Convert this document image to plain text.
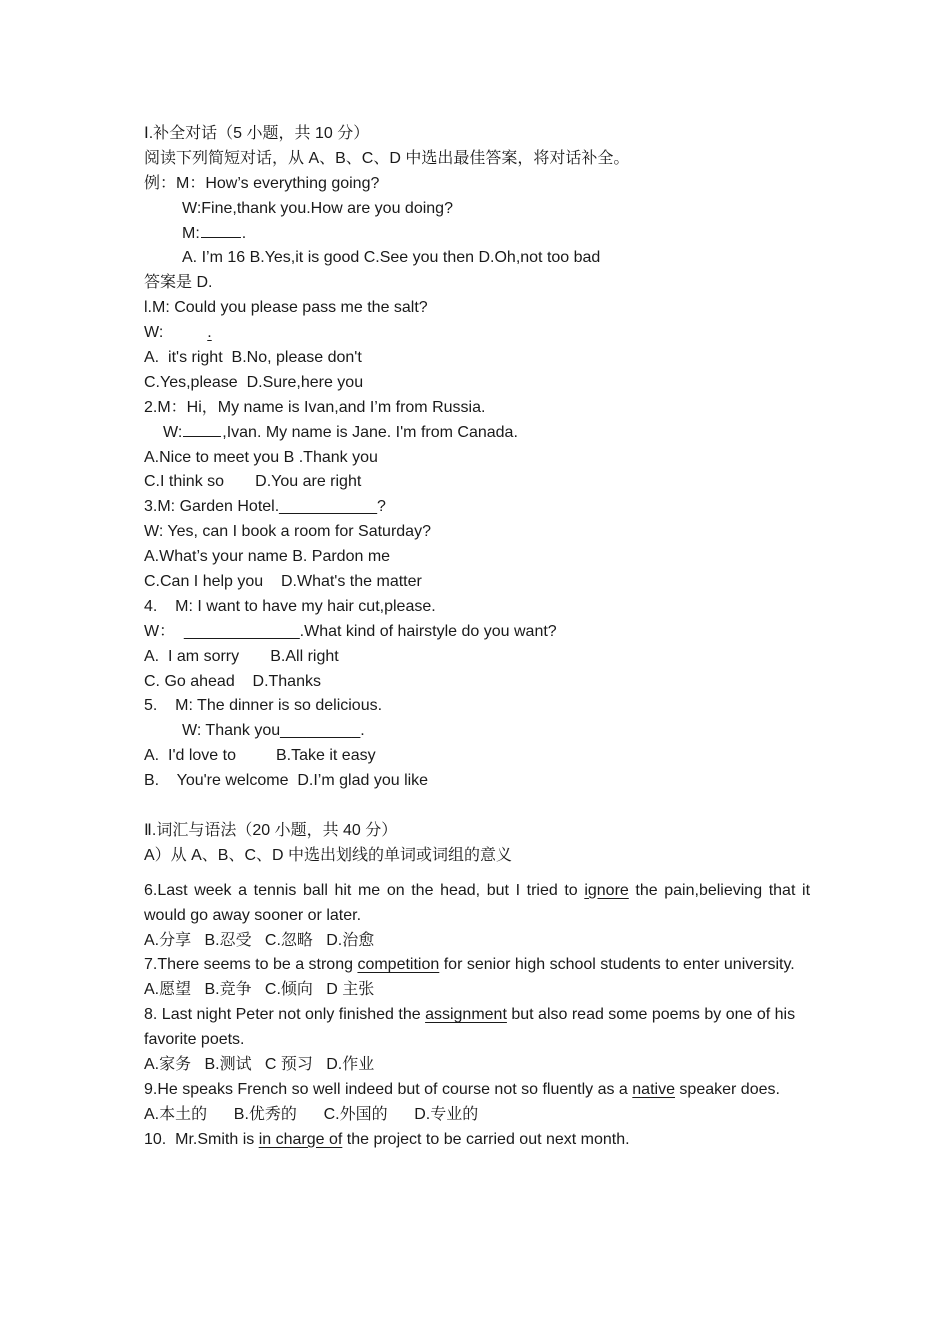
Ⅰ.补全对话（5 小题，共 10 分）
阅读下列简短对话，从 A、B、C、D 中选出最佳答案，将对话补全。
例：M：How’s everything going?
W:Fine,thank you.How are you doing?
M:	.
A. I’m 16 B.Yes,it is good C.See you then D.Oh,not too bad
答案是 D.
l.M: Could you please pass me the salt?
W:	.
A.  it's right  B.No, please don't
C.Yes,please  D.Sure,here you
2.M：Hi，My name is Ivan,and I’m from Russia.
W:	,Ivan. My name is Jane. I'm from Canada.
A.Nice to meet you B .Thank you
C.I think so       D.You are right
3.M: Garden Hotel.___________?
W: Yes, can I book a room for Saturday?
A.What’s your name B. Pardon me
C.Can I help you    D.What's the matter
4.    M: I want to have my hair cut,please.
W：  _____________.What kind of hairstyle do you want?
A.  I am sorry       B.All right
C. Go ahead    D.Thanks
5.    M: The dinner is so delicious.
W: Thank you_________.
A.  I'd love to         B.Take it easy
B.    You're welcome  D.I’m glad you like
Ⅱ.词汇与语法（20 小题，共 40 分）
A）从 A、B、C、D 中选出划线的单词或词组的意义
6.Last week a tennis ball hit me on the head, but I tried to ignore the pain,believing that it would go away sooner or later.
A.分享   B.忍受   C.忽略   D.治愈
7.There seems to be a strong competition for senior high school students to enter university.
A.愿望   B.竞争   C.倾向   D 主张
8. Last night Peter not only finished the assignment but also read some poems by one of his favorite poets.
A.家务   B.测试   C 预习   D.作业
9.He speaks French so well indeed but of course not so fluently as a native speaker does.
A.本土的      B.优秀的      C.外国的      D.专业的
10.  Mr.Smith is in charge of the project to be carried out next month.
